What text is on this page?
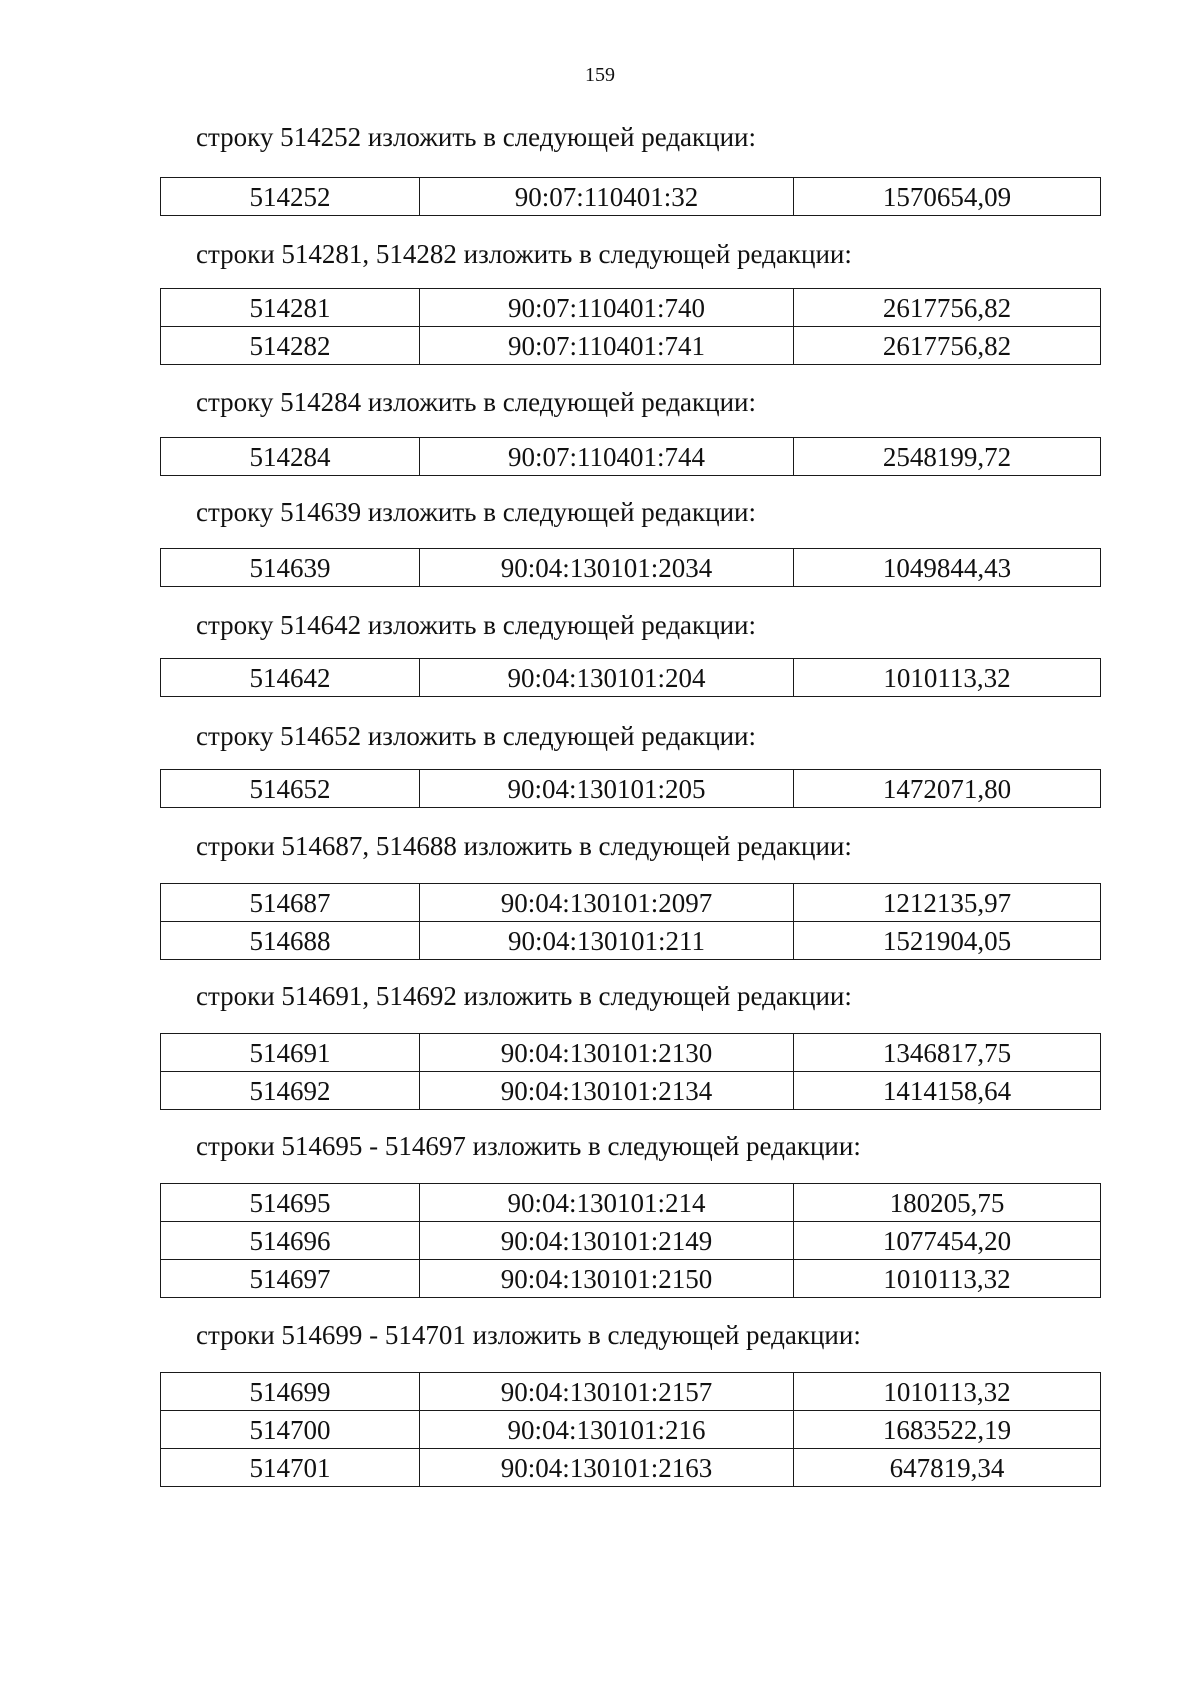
159
строку 514252 изложить в следующей редакции:
514252	90:07:110401:32	1570654,09
строки 514281, 514282 изложить в следующей редакции:
514281	90:07:110401:740	2617756,82
514282	90:07:110401:741	2617756,82
строку 514284 изложить в следующей редакции:
514284	90:07:110401:744	2548199,72
строку 514639 изложить в следующей редакции:
514639	90:04:130101:2034	1049844,43
строку 514642 изложить в следующей редакции:
514642	90:04:130101:204	1010113,32
строку 514652 изложить в следующей редакции:
514652	90:04:130101:205	1472071,80
строки 514687, 514688 изложить в следующей редакции:
514687	90:04:130101:2097	1212135,97
514688	90:04:130101:211	1521904,05
строки 514691, 514692 изложить в следующей редакции:
514691	90:04:130101:2130	1346817,75
514692	90:04:130101:2134	1414158,64
строки 514695 - 514697 изложить в следующей редакции:
514695	90:04:130101:214	180205,75
514696	90:04:130101:2149	1077454,20
514697	90:04:130101:2150	1010113,32
строки 514699 - 514701 изложить в следующей редакции:
514699	90:04:130101:2157	1010113,32
514700	90:04:130101:216	1683522,19
514701	90:04:130101:2163	647819,34
